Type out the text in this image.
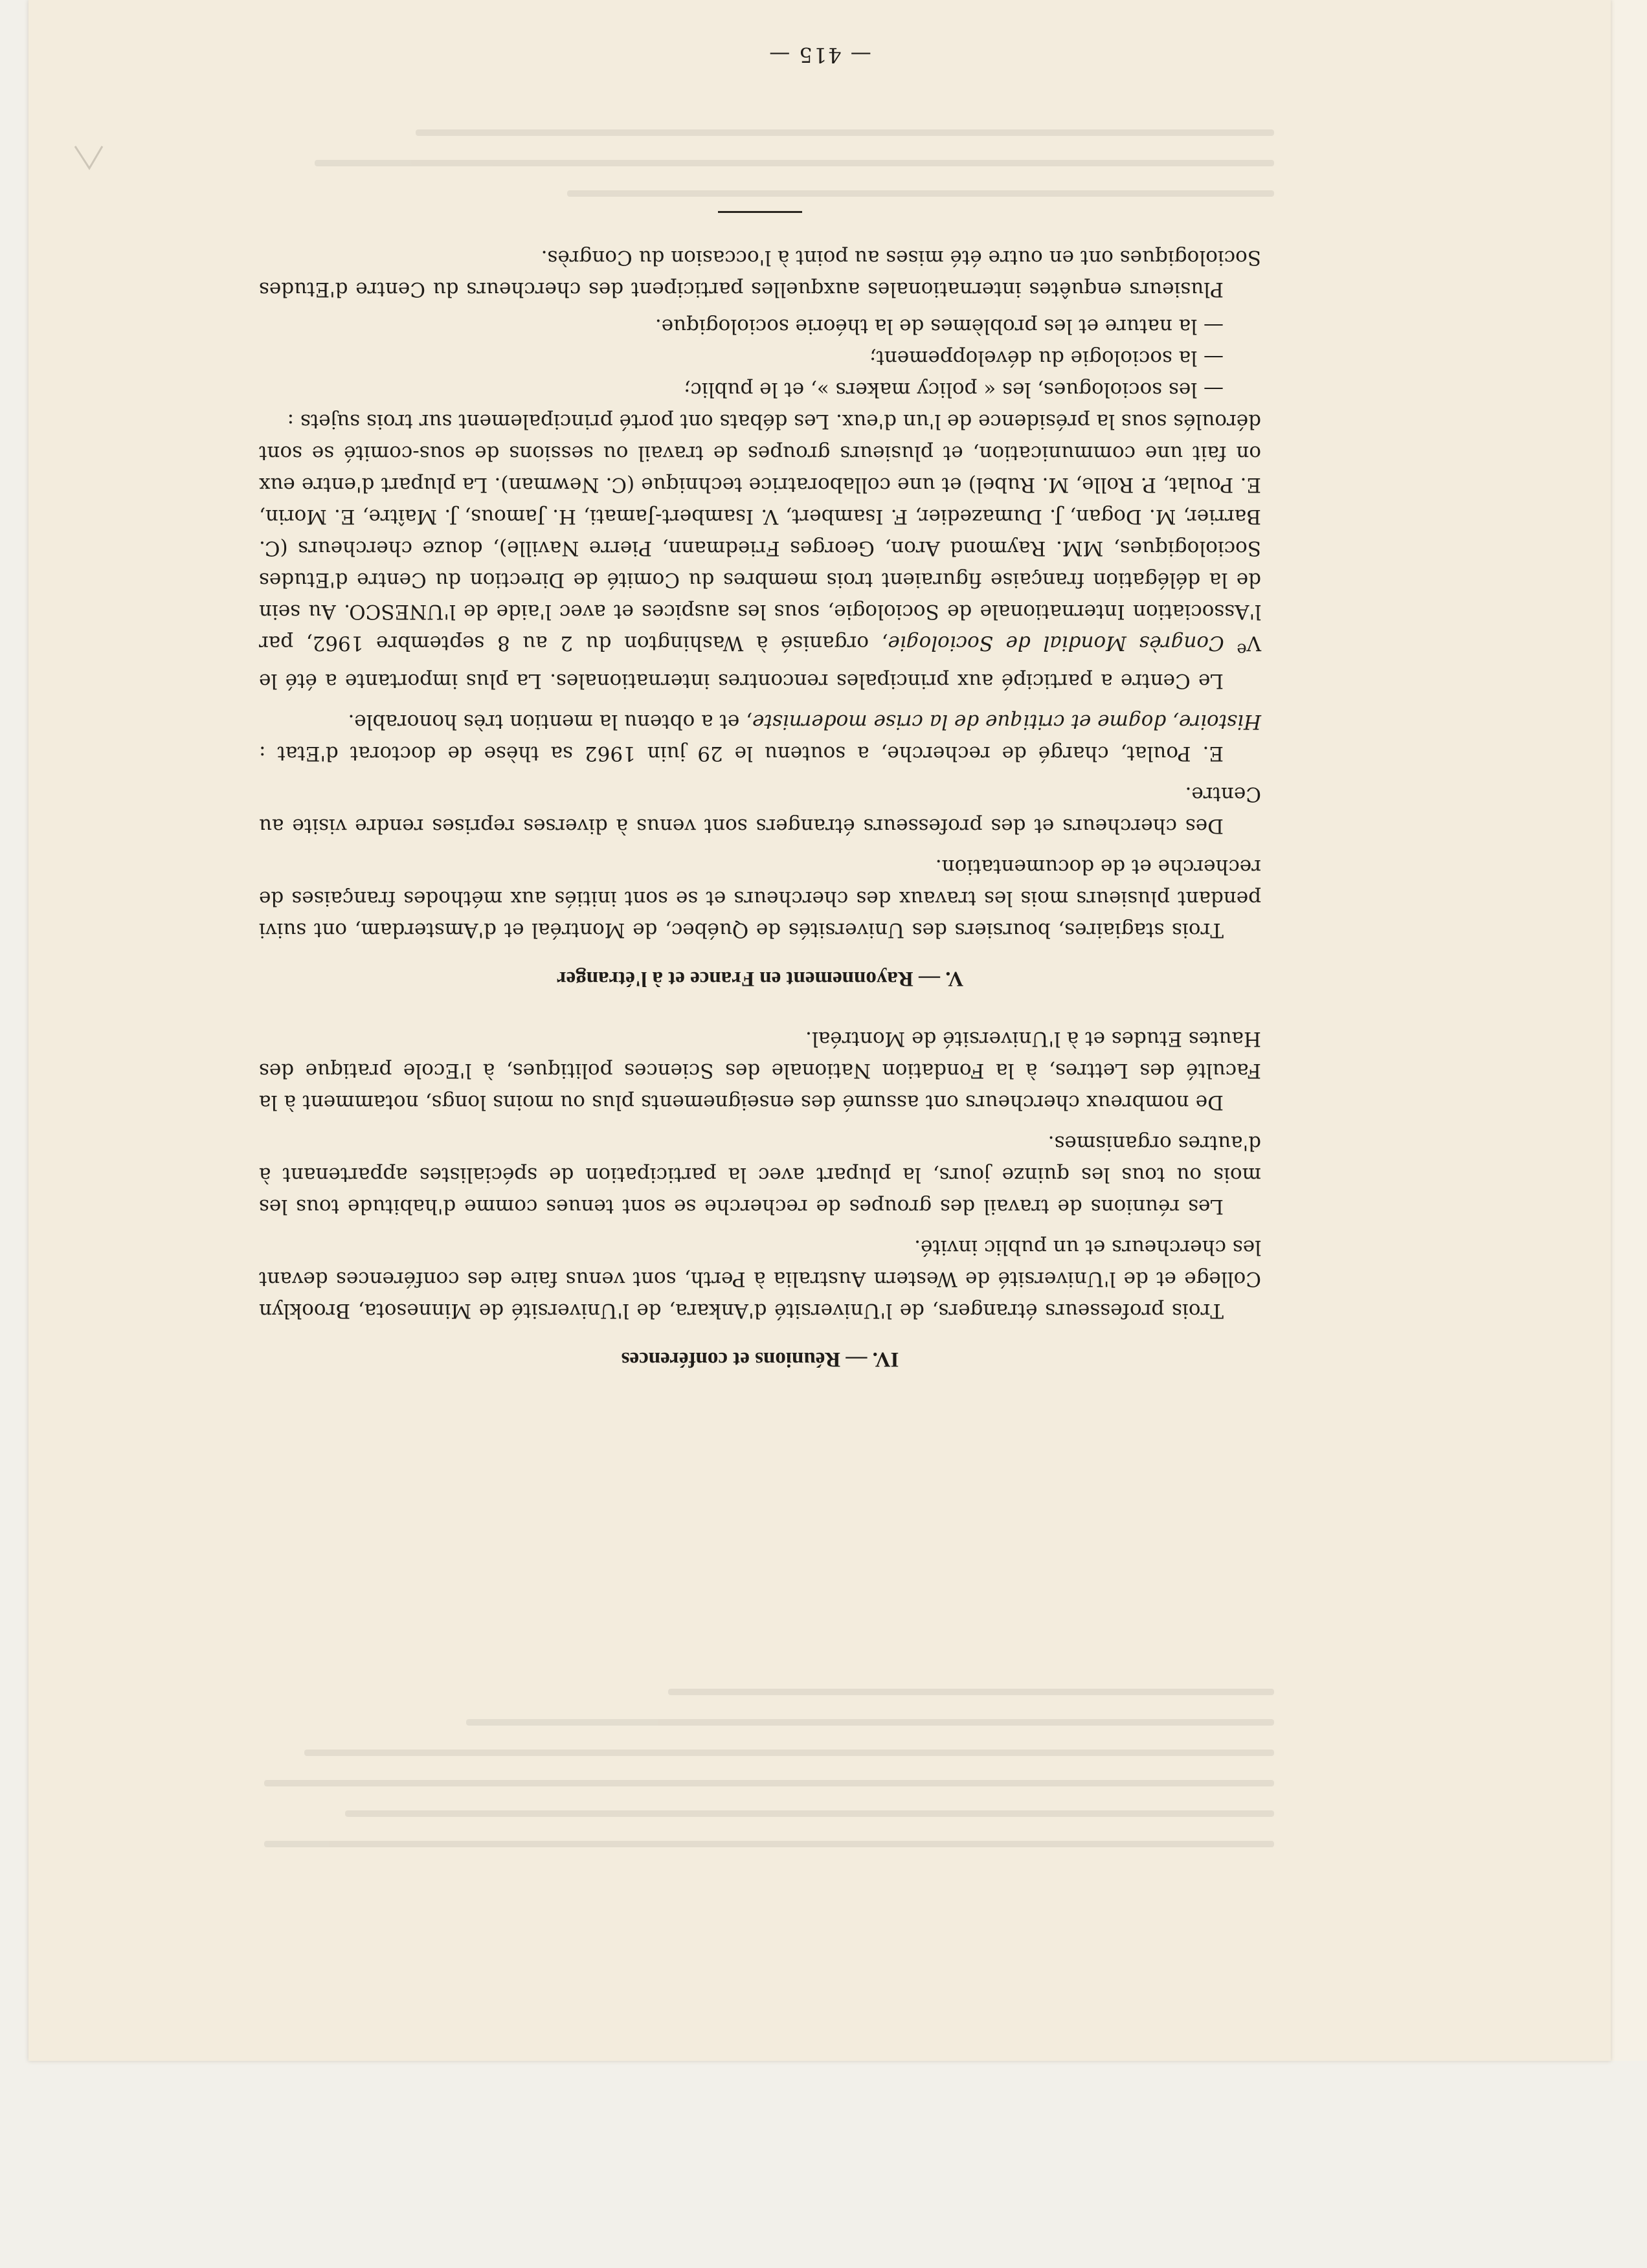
IV. — Réunions et conférences

Trois professeurs étrangers, de l'Université d'Ankara, de l'Université de Minnesota, Brooklyn College et de l'Université de Western Australia à Perth, sont venus faire des conférences devant les chercheurs et un public invité.

Les réunions de travail des groupes de recherche se sont tenues comme d'habitude tous les mois ou tous les quinze jours, la plupart avec la participation de spécialistes appartenant à d'autres organismes.

De nombreux chercheurs ont assumé des enseignements plus ou moins longs, notamment à la Faculté des Lettres, à la Fondation Nationale des Sciences politiques, à l'Ecole pratique des Hautes Etudes et à l'Université de Montréal.

V. — Rayonnement en France et à l'étranger

Trois stagiaires, boursiers des Universités de Québec, de Montréal et d'Amsterdam, ont suivi pendant plusieurs mois les travaux des chercheurs et se sont initiés aux méthodes françaises de recherche et de documentation.

Des chercheurs et des professeurs étrangers sont venus à diverses reprises rendre visite au Centre.

E. Poulat, chargé de recherche, a soutenu le 29 juin 1962 sa thèse de doctorat d'Etat : Histoire, dogme et critique de la crise moderniste, et a obtenu la mention très honorable.

Le Centre a participé aux principales rencontres internationales. La plus importante a été le Ve Congrès Mondial de Sociologie, organisé à Washington du 2 au 8 septembre 1962, par l'Association Internationale de Sociologie, sous les auspices et avec l'aide de l'UNESCO. Au sein de la délégation française figuraient trois membres du Comité de Direction du Centre d'Etudes Sociologiques, MM. Raymond Aron, Georges Friedmann, Pierre Naville), douze chercheurs (C. Barrier, M. Dogan, J. Dumazedier, F. Isambert, V. Isambert-Jamati, H. Jamous, J. Maître, E. Morin, E. Poulat, P. Rolle, M. Rubel) et une collaboratrice technique (C. Newman). La plupart d'entre eux on fait une communication, et plusieurs groupes de travail ou sessions de sous-comité se sont déroulés sous la présidence de l'un d'eux. Les débats ont porté principalement sur trois sujets :

— les sociologues, les « policy makers », et le public;

— la sociologie du développement;

— la nature et les problèmes de la théorie sociologique.

Plusieurs enquêtes internationales auxquelles participent des chercheurs du Centre d'Etudes Sociologiques ont en outre été mises au point à l'occasion du Congrès.

— 415 —
